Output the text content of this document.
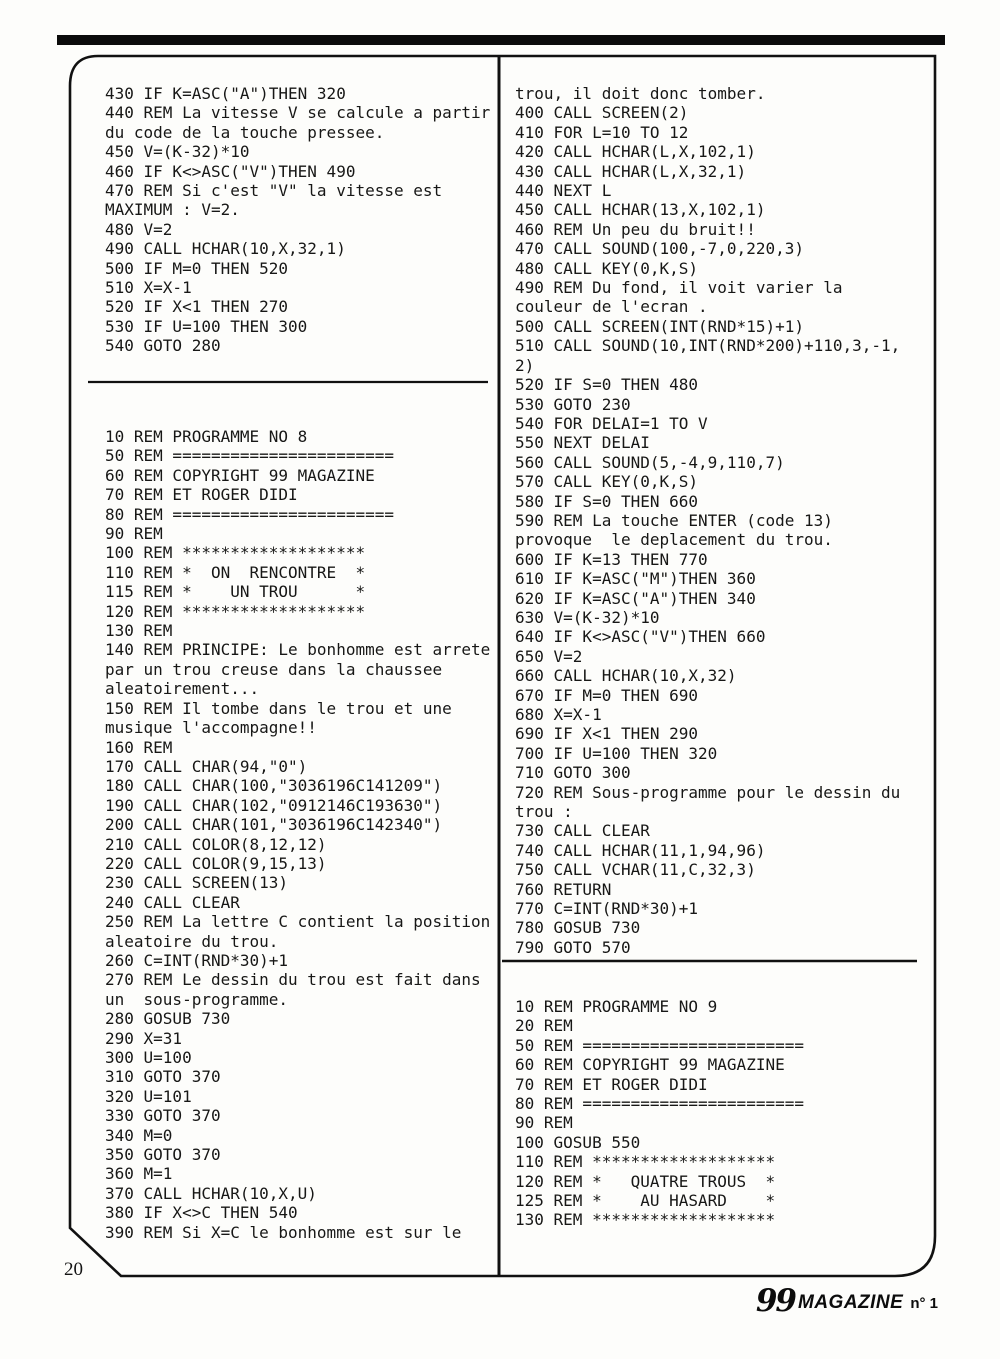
430 IF K=ASC("A")THEN 320
440 REM La vitesse V se calcule a partir
du code de la touche pressee.
450 V=(K-32)*10
460 IF K<>ASC("V")THEN 490
470 REM Si c'est "V" la vitesse est
MAXIMUM : V=2.
480 V=2
490 CALL HCHAR(10,X,32,1)
500 IF M=0 THEN 520
510 X=X-1
520 IF X<1 THEN 270
530 IF U=100 THEN 300
540 GOTO 280
10 REM PROGRAMME NO 8
50 REM =======================
60 REM COPYRIGHT 99 MAGAZINE
70 REM ET ROGER DIDI
80 REM =======================
90 REM
100 REM *******************
110 REM *  ON  RENCONTRE  *
115 REM *    UN TROU      *
120 REM *******************
130 REM
140 REM PRINCIPE: Le bonhomme est arrete
par un trou creuse dans la chaussee
aleatoirement...
150 REM Il tombe dans le trou et une
musique l'accompagne!!
160 REM
170 CALL CHAR(94,"0")
180 CALL CHAR(100,"3036196C141209")
190 CALL CHAR(102,"0912146C193630")
200 CALL CHAR(101,"3036196C142340")
210 CALL COLOR(8,12,12)
220 CALL COLOR(9,15,13)
230 CALL SCREEN(13)
240 CALL CLEAR
250 REM La lettre C contient la position
aleatoire du trou.
260 C=INT(RND*30)+1
270 REM Le dessin du trou est fait dans
un  sous-programme.
280 GOSUB 730
290 X=31
300 U=100
310 GOTO 370
320 U=101
330 GOTO 370
340 M=0
350 GOTO 370
360 M=1
370 CALL HCHAR(10,X,U)
380 IF X<>C THEN 540
390 REM Si X=C le bonhomme est sur le
trou, il doit donc tomber.
400 CALL SCREEN(2)
410 FOR L=10 TO 12
420 CALL HCHAR(L,X,102,1)
430 CALL HCHAR(L,X,32,1)
440 NEXT L
450 CALL HCHAR(13,X,102,1)
460 REM Un peu du bruit!!
470 CALL SOUND(100,-7,0,220,3)
480 CALL KEY(0,K,S)
490 REM Du fond, il voit varier la
couleur de l'ecran .
500 CALL SCREEN(INT(RND*15)+1)
510 CALL SOUND(10,INT(RND*200)+110,3,-1,
2)
520 IF S=0 THEN 480
530 GOTO 230
540 FOR DELAI=1 TO V
550 NEXT DELAI
560 CALL SOUND(5,-4,9,110,7)
570 CALL KEY(0,K,S)
580 IF S=0 THEN 660
590 REM La touche ENTER (code 13)
provoque  le deplacement du trou.
600 IF K=13 THEN 770
610 IF K=ASC("M")THEN 360
620 IF K=ASC("A")THEN 340
630 V=(K-32)*10
640 IF K<>ASC("V")THEN 660
650 V=2
660 CALL HCHAR(10,X,32)
670 IF M=0 THEN 690
680 X=X-1
690 IF X<1 THEN 290
700 IF U=100 THEN 320
710 GOTO 300
720 REM Sous-programme pour le dessin du
trou :
730 CALL CLEAR
740 CALL HCHAR(11,1,94,96)
750 CALL VCHAR(11,C,32,3)
760 RETURN
770 C=INT(RND*30)+1
780 GOSUB 730
790 GOTO 570
10 REM PROGRAMME NO 9
20 REM
50 REM =======================
60 REM COPYRIGHT 99 MAGAZINE
70 REM ET ROGER DIDI
80 REM =======================
90 REM
100 GOSUB 550
110 REM *******************
120 REM *   QUATRE TROUS  *
125 REM *    AU HASARD    *
130 REM *******************
20
99 MAGAZINE n° 1
